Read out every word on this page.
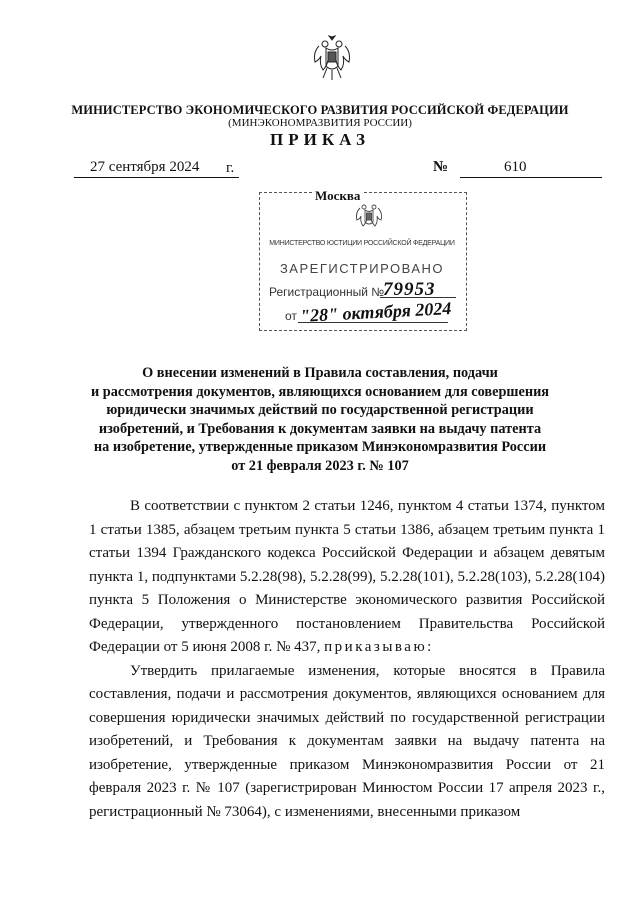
МИНИСТЕРСТВО ЭКОНОМИЧЕСКОГО РАЗВИТИЯ РОССИЙСКОЙ ФЕДЕРАЦИИ
(МИНЭКОНОМРАЗВИТИЯ РОССИИ)
ПРИКАЗ
27 сентября 2024 г.	№	610
Москва
МИНИСТЕРСТВО ЮСТИЦИИ РОССИЙСКОЙ ФЕДЕРАЦИИ
ЗАРЕГИСТРИРОВАНО
Регистрационный №
79953
от "28" октября 2024
О внесении изменений в Правила составления, подачи
и рассмотрения документов, являющихся основанием для совершения
юридически значимых действий по государственной регистрации
изобретений, и Требования к документам заявки на выдачу патента
на изобретение, утвержденные приказом Минэкономразвития России
от 21 февраля 2023 г. № 107

В соответствии с пунктом 2 статьи 1246, пунктом 4 статьи 1374, пунктом 1 статьи 1385, абзацем третьим пункта 5 статьи 1386, абзацем третьим пункта 1 статьи 1394 Гражданского кодекса Российской Федерации и абзацем девятым пункта 1, подпунктами 5.2.28(98), 5.2.28(99), 5.2.28(101), 5.2.28(103), 5.2.28(104) пункта 5 Положения о Министерстве экономического развития Российской Федерации, утвержденного постановлением Правительства Российской Федерации от 5 июня 2008 г. № 437, приказываю:

Утвердить прилагаемые изменения, которые вносятся в Правила составления, подачи и рассмотрения документов, являющихся основанием для совершения юридически значимых действий по государственной регистрации изобретений, и Требования к документам заявки на выдачу патента на изобретение, утвержденные приказом Минэкономразвития России от 21 февраля 2023 г. № 107 (зарегистрирован Минюстом России 17 апреля 2023 г., регистрационный № 73064), с изменениями, внесенными приказом
